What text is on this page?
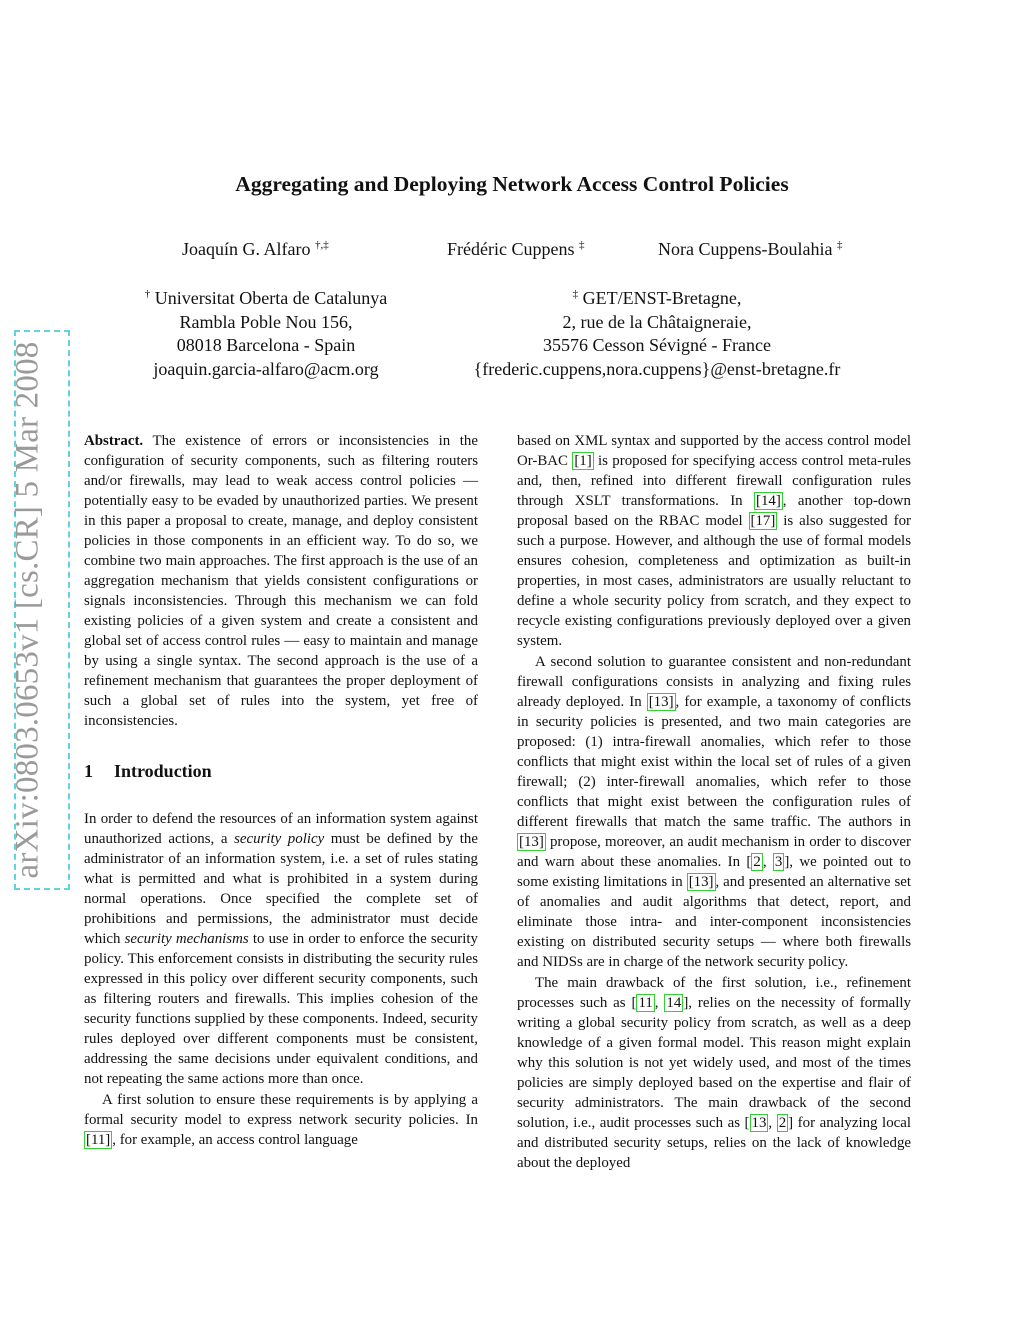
arXiv:0803.0653v1 [cs.CR] 5 Mar 2008
Aggregating and Deploying Network Access Control Policies
Joaquín G. Alfaro †,‡	Frédéric Cuppens ‡	Nora Cuppens-Boulahia ‡
† Universitat Oberta de Catalunya
Rambla Poble Nou 156,
08018 Barcelona - Spain
joaquin.garcia-alfaro@acm.org
‡ GET/ENST-Bretagne,
2, rue de la Châtaigneraie,
35576 Cesson Sévigné - France
{frederic.cuppens,nora.cuppens}@enst-bretagne.fr

Abstract. The existence of errors or inconsistencies in the configuration of security components, such as filtering routers and/or firewalls, may lead to weak access control policies — potentially easy to be evaded by unauthorized parties. We present in this paper a proposal to create, manage, and deploy consistent policies in those components in an efficient way. To do so, we combine two main approaches. The first approach is the use of an aggregation mechanism that yields consistent configurations or signals inconsistencies. Through this mechanism we can fold existing policies of a given system and create a consistent and global set of access control rules — easy to maintain and manage by using a single syntax. The second approach is the use of a refinement mechanism that guarantees the proper deployment of such a global set of rules into the system, yet free of inconsistencies.

1 Introduction

In order to defend the resources of an information system against unauthorized actions, a security policy must be defined by the administrator of an information system, i.e. a set of rules stating what is permitted and what is prohibited in a system during normal operations. Once specified the complete set of prohibitions and permissions, the administrator must decide which security mechanisms to use in order to enforce the security policy. This enforcement consists in distributing the security rules expressed in this policy over different security components, such as filtering routers and firewalls. This implies cohesion of the security functions supplied by these components. Indeed, security rules deployed over different components must be consistent, addressing the same decisions under equivalent conditions, and not repeating the same actions more than once.

A first solution to ensure these requirements is by applying a formal security model to express network security policies. In [11] , for example, an access control language

based on XML syntax and supported by the access control model Or-BAC [1] is proposed for specifying access control meta-rules and, then, refined into different firewall configuration rules through XSLT transformations. In [14] , another top-down proposal based on the RBAC model [17] is also suggested for such a purpose. However, and although the use of formal models ensures cohesion, completeness and optimization as built-in properties, in most cases, administrators are usually reluctant to define a whole security policy from scratch, and they expect to recycle existing configurations previously deployed over a given system.

A second solution to guarantee consistent and non-redundant firewall configurations consists in analyzing and fixing rules already deployed. In [13] , for example, a taxonomy of conflicts in security policies is presented, and two main categories are proposed: (1) intra-firewall anomalies, which refer to those conflicts that might exist within the local set of rules of a given firewall; (2) inter-firewall anomalies, which refer to those conflicts that might exist between the configuration rules of different firewalls that match the same traffic. The authors in [13] propose, moreover, an audit mechanism in order to discover and warn about these anomalies. In [ 2 , 3 ], we pointed out to some existing limitations in [13] , and presented an alternative set of anomalies and audit algorithms that detect, report, and eliminate those intra- and inter-component inconsistencies existing on distributed security setups — where both firewalls and NIDSs are in charge of the network security policy.

The main drawback of the first solution, i.e., refinement processes such as [ 11 , 14 ], relies on the necessity of formally writing a global security policy from scratch, as well as a deep knowledge of a given formal model. This reason might explain why this solution is not yet widely used, and most of the times policies are simply deployed based on the expertise and flair of security administrators. The main drawback of the second solution, i.e., audit processes such as [ 13 , 2 ] for analyzing local and distributed security setups, relies on the lack of knowledge about the deployed
